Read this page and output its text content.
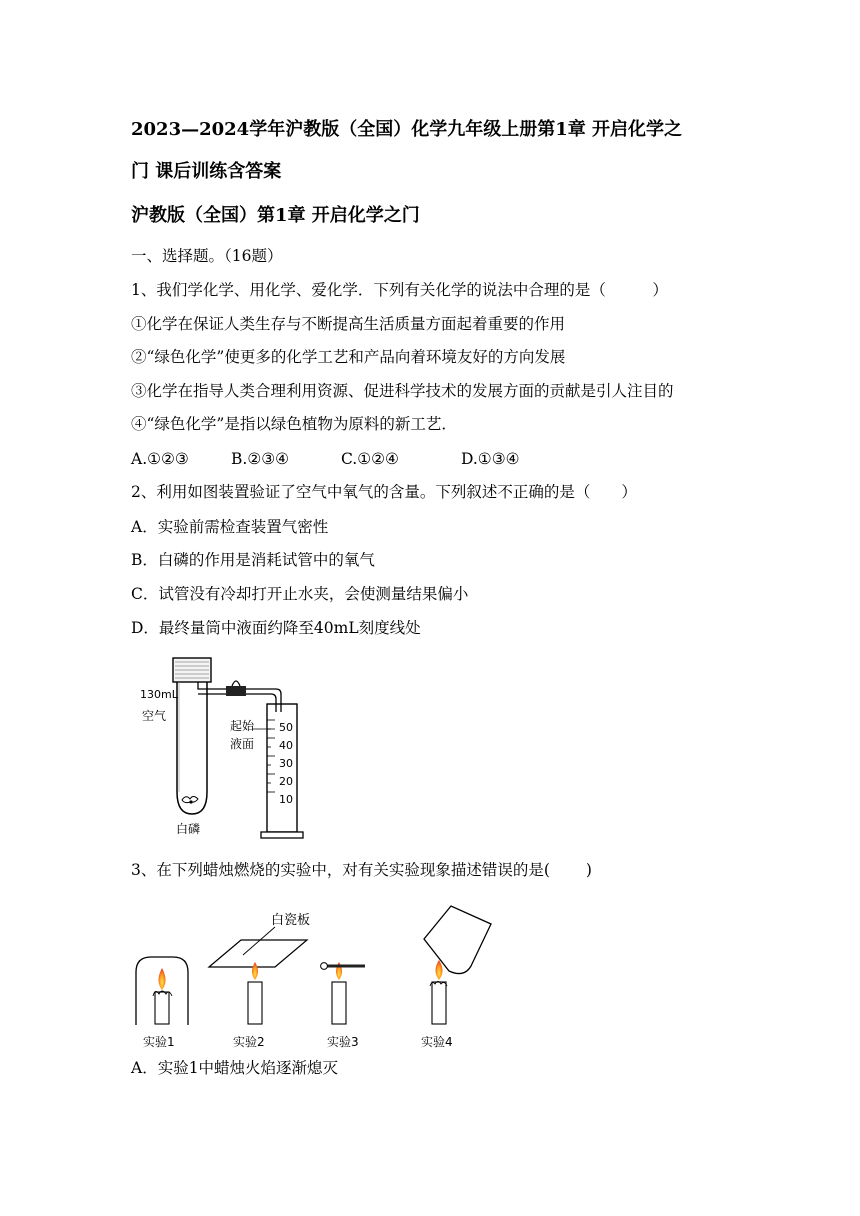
2023—2024学年沪教版（全国）化学九年级上册第1章 开启化学之
门 课后训练含答案
沪教版（全国）第1章 开启化学之门
一、选择题。（16题）
1、我们学化学、用化学、爱化学．下列有关化学的说法中合理的是（　　　）
①化学在保证人类生存与不断提高生活质量方面起着重要的作用
②“绿色化学”使更多的化学工艺和产品向着环境友好的方向发展
③化学在指导人类合理利用资源、促进科学技术的发展方面的贡献是引人注目的
④“绿色化学”是指以绿色植物为原料的新工艺．
A.①②③	B.②③④	C.①②④	D.①③④
2、利用如图装置验证了空气中氧气的含量。下列叙述不正确的是（　　）
A．实验前需检查装置气密性
B．白磷的作用是消耗试管中的氧气
C．试管没有冷却打开止水夹，会使测量结果偏小
D．最终量筒中液面约降至40mL刻度线处
50
40
30
20
10
130mL
空气
起始
液面
白磷
3、在下列蜡烛燃烧的实验中，对有关实验现象描述错误的是(　　 )
白瓷板
实验1	实验2	实验3	实验4
A．实验1中蜡烛火焰逐渐熄灭
